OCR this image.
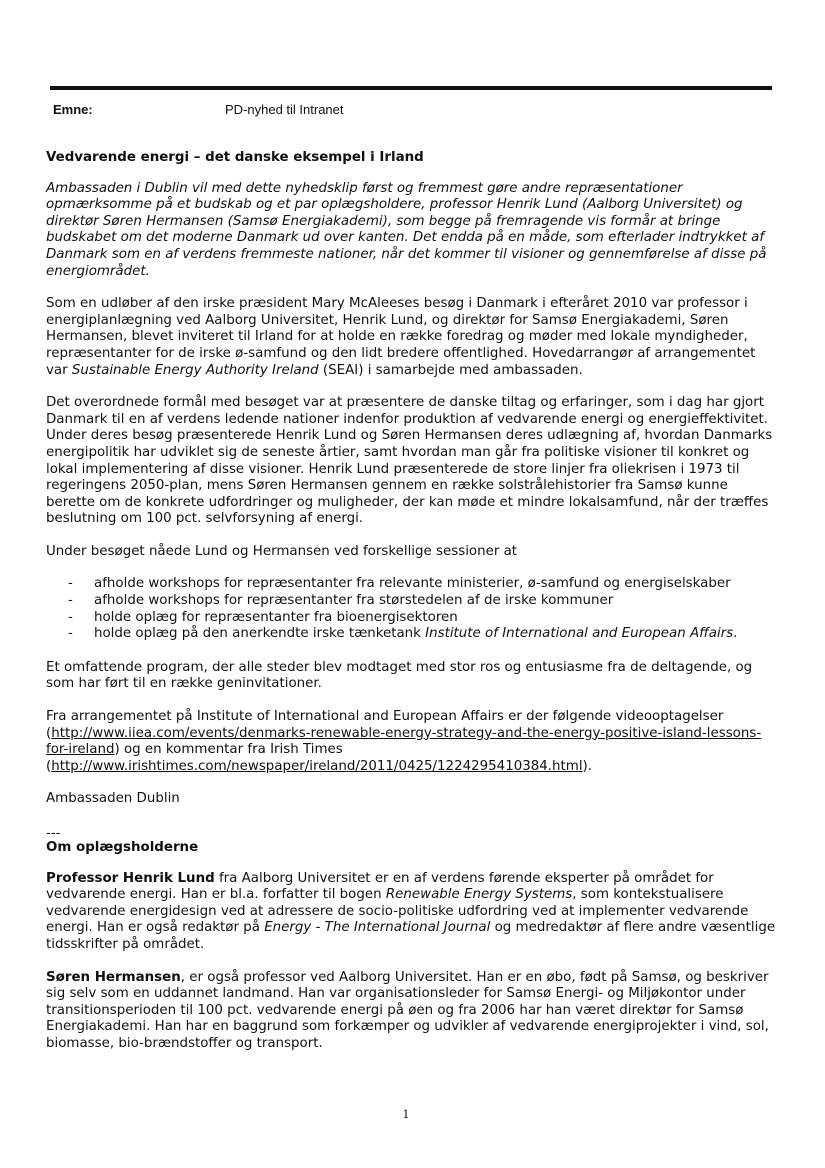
Emne:	PD-nyhed til Intranet

Vedvarende energi – det danske eksempel i Irland

Ambassaden i Dublin vil med dette nyhedsklip først og fremmest gøre andre repræsentationer opmærksomme på et budskab og et par oplægsholdere, professor Henrik Lund (Aalborg Universitet) og direktør Søren Hermansen (Samsø Energiakademi), som begge på fremragende vis formår at bringe budskabet om det moderne Danmark ud over kanten. Det endda på en måde, som efterlader indtrykket af Danmark som en af verdens fremmeste nationer, når det kommer til visioner og gennemførelse af disse på energiområdet.

Som en udløber af den irske præsident Mary McAleeses besøg i Danmark i efteråret 2010 var professor i energiplanlægning ved Aalborg Universitet, Henrik Lund, og direktør for Samsø Energiakademi, Søren Hermansen, blevet inviteret til Irland for at holde en række foredrag og møder med lokale myndigheder, repræsentanter for de irske ø-samfund og den lidt bredere offentlighed. Hovedarrangør af arrangementet var Sustainable Energy Authority Ireland (SEAI) i samarbejde med ambassaden.

Det overordnede formål med besøget var at præsentere de danske tiltag og erfaringer, som i dag har gjort Danmark til en af verdens ledende nationer indenfor produktion af vedvarende energi og energieffektivitet. Under deres besøg præsenterede Henrik Lund og Søren Hermansen deres udlægning af, hvordan Danmarks energipolitik har udviklet sig de seneste årtier, samt hvordan man går fra politiske visioner til konkret og lokal implementering af disse visioner. Henrik Lund præsenterede de store linjer fra oliekrisen i 1973 til regeringens 2050-plan, mens Søren Hermansen gennem en række solstrålehistorier fra Samsø kunne berette om de konkrete udfordringer og muligheder, der kan møde et mindre lokalsamfund, når der træffes beslutning om 100 pct. selvforsyning af energi.

Under besøget nåede Lund og Hermansen ved forskellige sessioner at

- afholde workshops for repræsentanter fra relevante ministerier, ø-samfund og energiselskaber
- afholde workshops for repræsentanter fra størstedelen af de irske kommuner
- holde oplæg for repræsentanter fra bioenergisektoren
- holde oplæg på den anerkendte irske tænketank Institute of International and European Affairs.

Et omfattende program, der alle steder blev modtaget med stor ros og entusiasme fra de deltagende, og som har ført til en række geninvitationer.

Fra arrangementet på Institute of International and European Affairs er der følgende videooptagelser (http://www.iiea.com/events/denmarks-renewable-energy-strategy-and-the-energy-positive-island-lessons-for-ireland) og en kommentar fra Irish Times (http://www.irishtimes.com/newspaper/ireland/2011/0425/1224295410384.html).

Ambassaden Dublin

---

Om oplægsholderne

Professor Henrik Lund fra Aalborg Universitet er en af verdens førende eksperter på området for vedvarende energi. Han er bl.a. forfatter til bogen Renewable Energy Systems, som kontekstualisere vedvarende energidesign ved at adressere de socio-politiske udfordring ved at implementer vedvarende energi. Han er også redaktør på Energy - The International Journal og medredaktør af flere andre væsentlige tidsskrifter på området.

Søren Hermansen, er også professor ved Aalborg Universitet. Han er en øbo, født på Samsø, og beskriver sig selv som en uddannet landmand. Han var organisationsleder for Samsø Energi- og Miljøkontor under transitionsperioden til 100 pct. vedvarende energi på øen og fra 2006 har han været direktør for Samsø Energiakademi. Han har en baggrund som forkæmper og udvikler af vedvarende energiprojekter i vind, sol, biomasse, bio-brændstoffer og transport.

1
